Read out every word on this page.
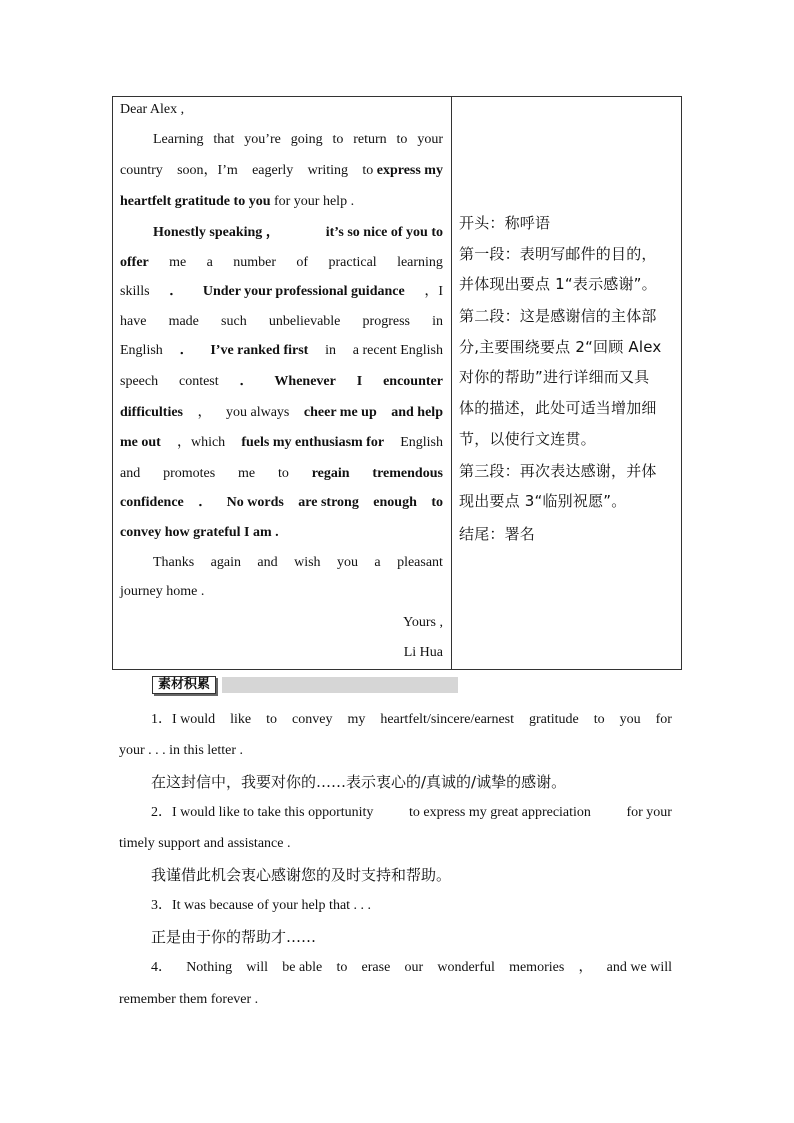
Dear Alex ,
Learning that you’re going to return to your
country soon，I’m eagerly writing to express my
heartfelt gratitude to you for your help .
Honestly speaking ，	it’s so nice of you to
offer me a number of practical learning
skills ． Under your professional guidance ，I
have made such unbelievable progress in
English ． I’ve ranked first in a recent English
speech contest ． Whenever I encounter
difficulties ， you always cheer me up and help
me out ，which fuels my enthusiasm for English
and promotes me to regain tremendous
confidence ． No words are strong enough to
convey how grateful I am .
Thanks again and wish you a pleasant
journey home .
Yours ,
Li Hua
开头：称呼语
第一段：表明写邮件的目的，
并体现出要点 1“表示感谢”。
第二段：这是感谢信的主体部
分,主要围绕要点 2“回顾 Alex
对你的帮助”进行详细而又具
体的描述，此处可适当增加细
节，以使行文连贯。
第三段：再次表达感谢，并体
现出要点 3“临别祝愿”。
结尾：署名
素材积累
1．I would like to convey my heartfelt/sincere/earnest gratitude to you for
your . . . in this letter .
在这封信中，我要对你的……表示衷心的/真诚的/诚挚的感谢。
2．I would like to take this opportunity	to express my great appreciation	for your
timely support and assistance .
我谨借此机会衷心感谢您的及时支持和帮助。
3．It was because of your help that . . .
正是由于你的帮助才……
4． Nothing will be able to erase our wonderful memories ， and we will
remember them forever .
